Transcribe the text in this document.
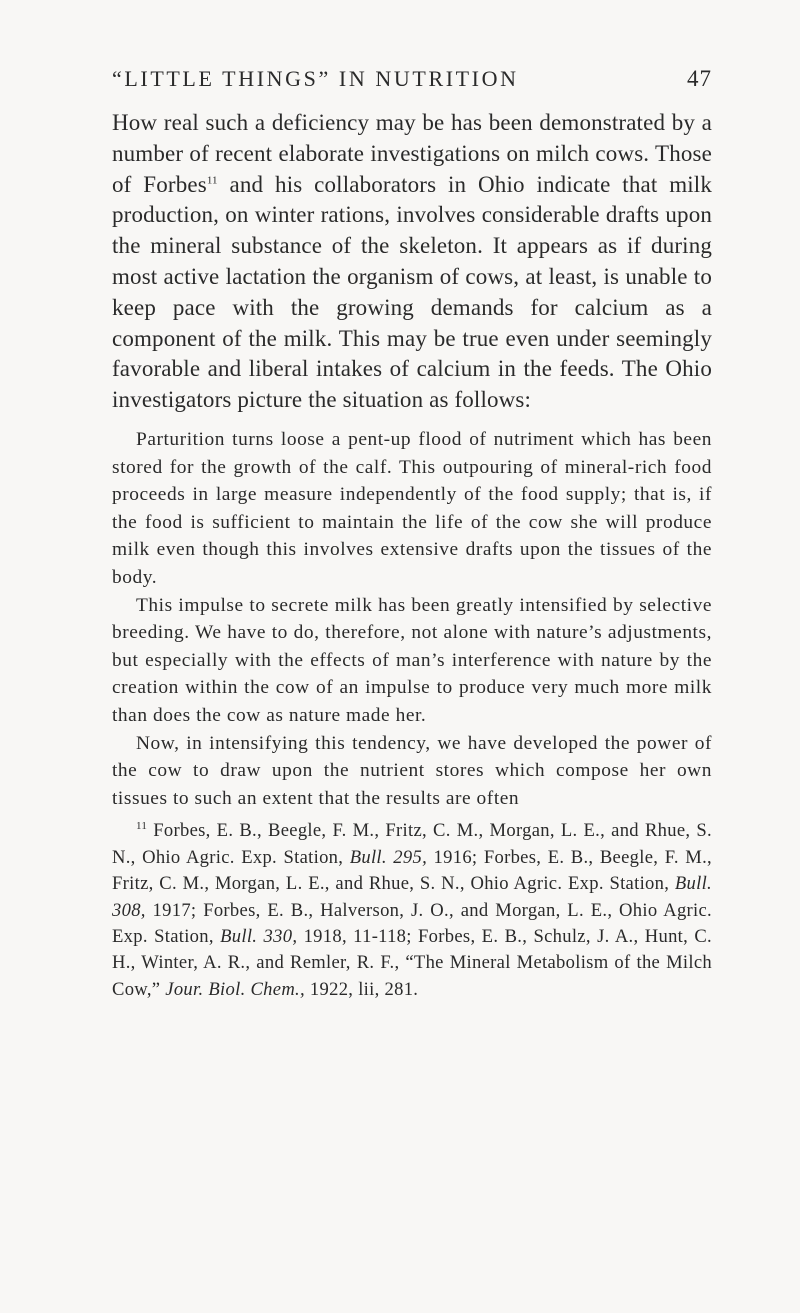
“LITTLE THINGS” IN NUTRITION	47

How real such a deficiency may be has been demonstrated by a number of recent elaborate investigations on milch cows. Those of Forbes$^{11}$ and his collaborators in Ohio indicate that milk production, on winter rations, involves considerable drafts upon the mineral substance of the skeleton. It appears as if during most active lactation the organism of cows, at least, is unable to keep pace with the growing demands for calcium as a component of the milk. This may be true even under seemingly favorable and liberal intakes of calcium in the feeds. The Ohio investigators picture the situation as follows:

Parturition turns loose a pent-up flood of nutriment which has been stored for the growth of the calf. This outpouring of mineral-rich food proceeds in large measure independently of the food supply; that is, if the food is sufficient to maintain the life of the cow she will produce milk even though this involves extensive drafts upon the tissues of the body.

This impulse to secrete milk has been greatly intensified by selective breeding. We have to do, therefore, not alone with nature’s adjustments, but especially with the effects of man’s interference with nature by the creation within the cow of an impulse to produce very much more milk than does the cow as nature made her.

Now, in intensifying this tendency, we have developed the power of the cow to draw upon the nutrient stores which compose her own tissues to such an extent that the results are often

$^{11}$ Forbes, E. B., Beegle, F. M., Fritz, C. M., Morgan, L. E., and Rhue, S. N., Ohio Agric. Exp. Station, Bull. 295, 1916; Forbes, E. B., Beegle, F. M., Fritz, C. M., Morgan, L. E., and Rhue, S. N., Ohio Agric. Exp. Station, Bull. 308, 1917; Forbes, E. B., Halverson, J. O., and Morgan, L. E., Ohio Agric. Exp. Station, Bull. 330, 1918, 11-118; Forbes, E. B., Schulz, J. A., Hunt, C. H., Winter, A. R., and Remler, R. F., “The Mineral Metabolism of the Milch Cow,” Jour. Biol. Chem., 1922, lii, 281.
